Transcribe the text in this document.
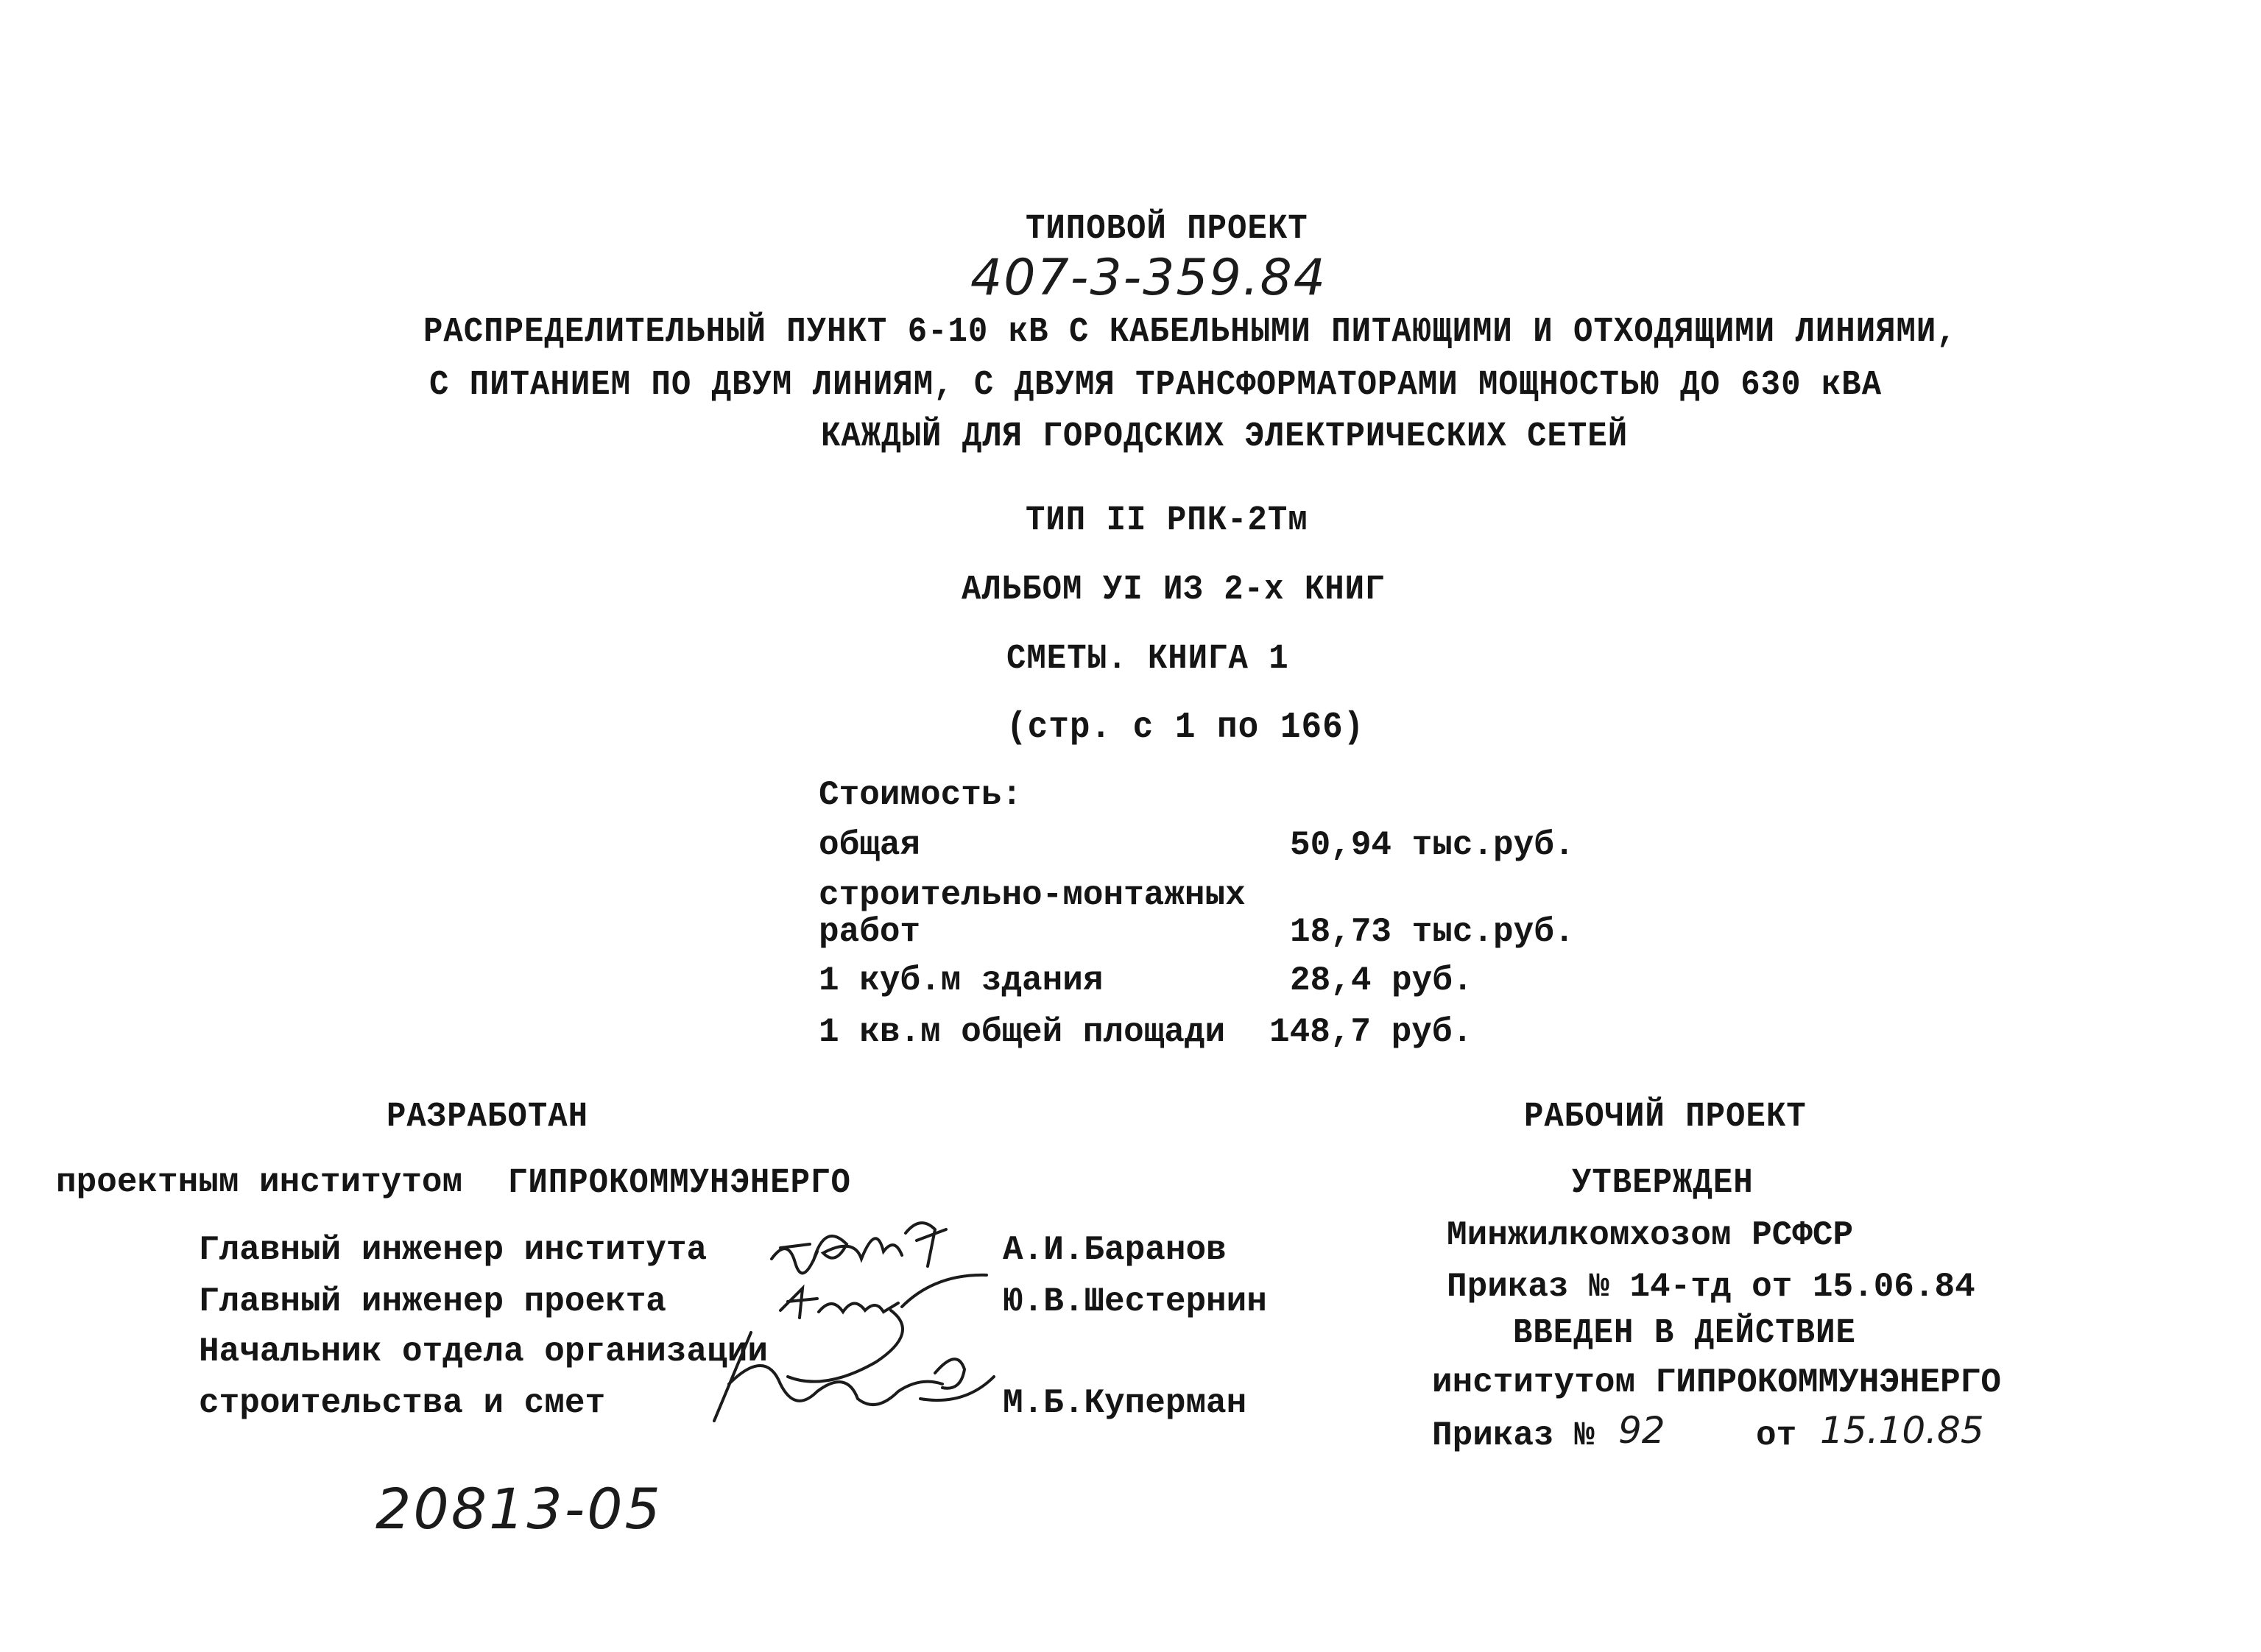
ТИПОВОЙ ПРОЕКТ
407-3-359.84
РАСПРЕДЕЛИТЕЛЬНЫЙ ПУНКТ 6-10 кВ С КАБЕЛЬНЫМИ ПИТАЮЩИМИ И ОТХОДЯЩИМИ ЛИНИЯМИ,
С ПИТАНИЕМ ПО ДВУМ ЛИНИЯМ, С ДВУМЯ ТРАНСФОРМАТОРАМИ МОЩНОСТЬЮ ДО 630 кВА
КАЖДЫЙ ДЛЯ ГОРОДСКИХ ЭЛЕКТРИЧЕСКИХ СЕТЕЙ
ТИП II РПК-2Тм
АЛЬБОМ УI ИЗ 2-х КНИГ
СМЕТЫ. КНИГА 1
(стр. с 1 по 166)
Стоимость:
общая	50,94 тыс.руб.
строительно-монтажных
работ	18,73 тыс.руб.
1 куб.м здания	28,4 руб.
1 кв.м общей площади 148,7 руб.
РАЗРАБОТАН
проектным институтом ГИПРОКОММУНЭНЕРГО
Главный инженер института	А.И.Баранов
Главный инженер проекта	Ю.В.Шестернин
Начальник отдела организации
строительства и смет	М.Б.Куперман
РАБОЧИЙ ПРОЕКТ
УТВЕРЖДЕН
Минжилкомхозом РСФСР
Приказ № 14-тд от 15.06.84
ВВЕДЕН В ДЕЙСТВИЕ
институтом ГИПРОКОММУНЭНЕРГО
Приказ № 92	от 15.10.85
20813-05
